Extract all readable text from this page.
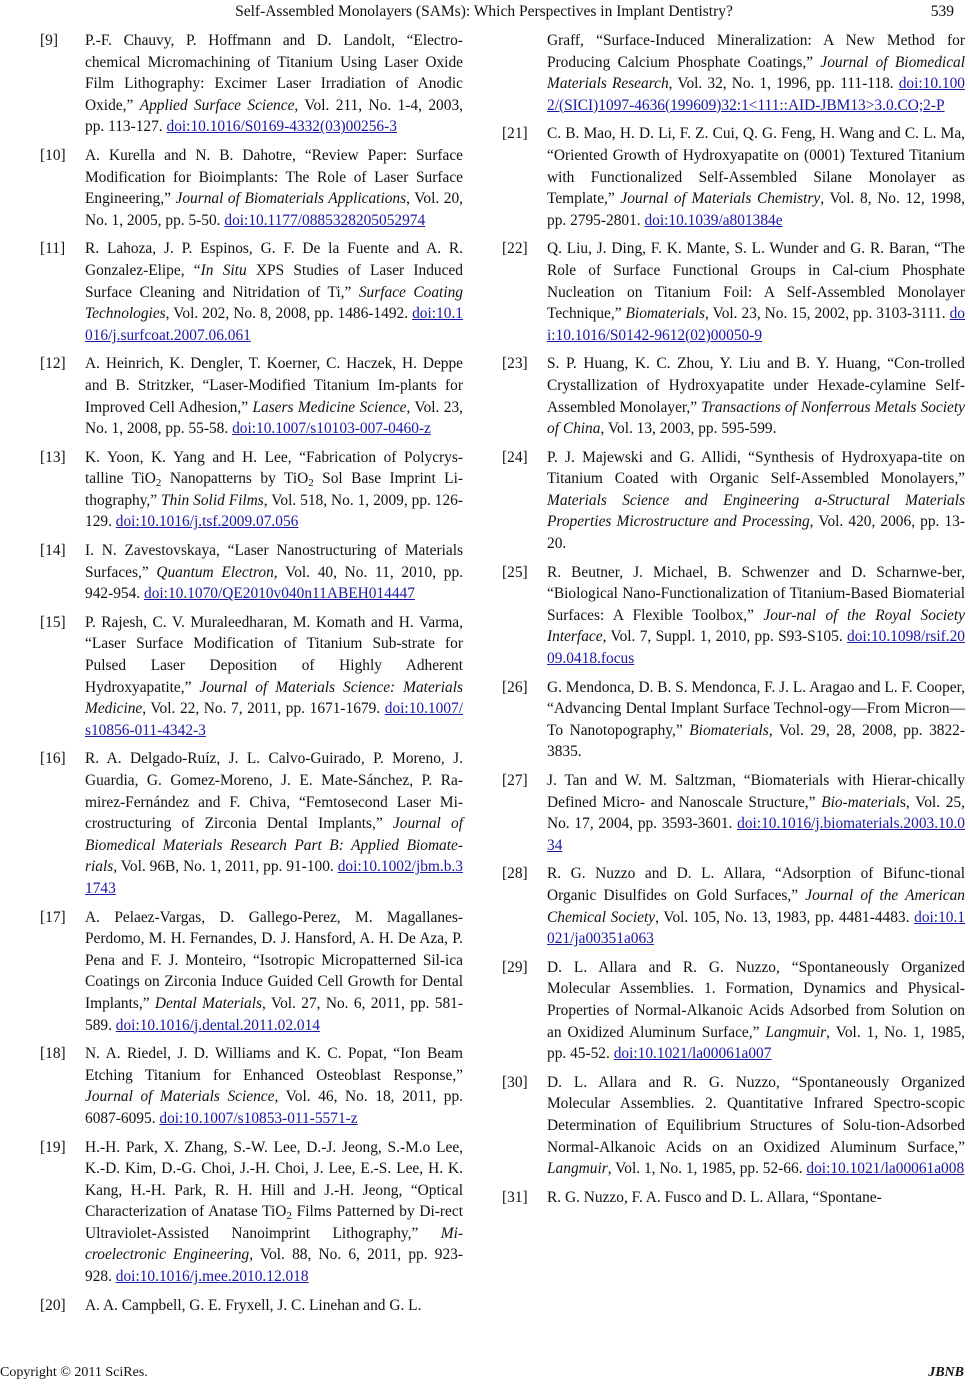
Self-Assembled Monolayers (SAMs): Which Perspectives in Implant Dentistry?	539
[9] P.-F. Chauvy, P. Hoffmann and D. Landolt, “Electro-chemical Micromachining of Titanium Using Laser Oxide Film Lithography: Excimer Laser Irradiation of Anodic Oxide,” Applied Surface Science, Vol. 211, No. 1-4, 2003, pp. 113-127. doi:10.1016/S0169-4332(03)00256-3
[10] A. Kurella and N. B. Dahotre, “Review Paper: Surface Modification for Bioimplants: The Role of Laser Surface Engineering,” Journal of Biomaterials Applications, Vol. 20, No. 1, 2005, pp. 5-50. doi:10.1177/0885328205052974
[11] R. Lahoza, J. P. Espinos, G. F. De la Fuente and A. R. Gonzalez-Elipe, “In Situ XPS Studies of Laser Induced Surface Cleaning and Nitridation of Ti,” Surface Coating Technologies, Vol. 202, No. 8, 2008, pp. 1486-1492. doi:10.1016/j.surfcoat.2007.06.061
[12] A. Heinrich, K. Dengler, T. Koerner, C. Haczek, H. Deppe and B. Stritzker, “Laser-Modified Titanium Im-plants for Improved Cell Adhesion,” Lasers Medicine Science, Vol. 23, No. 1, 2008, pp. 55-58. doi:10.1007/s10103-007-0460-z
[13] K. Yoon, K. Yang and H. Lee, “Fabrication of Polycrys-talline TiO$_2$ Nanopatterns by TiO$_2$ Sol Base Imprint Li-thography,” Thin Solid Films, Vol. 518, No. 1, 2009, pp. 126-129. doi:10.1016/j.tsf.2009.07.056
[14] I. N. Zavestovskaya, “Laser Nanostructuring of Materials Surfaces,” Quantum Electron, Vol. 40, No. 11, 2010, pp. 942-954. doi:10.1070/QE2010v040n11ABEH014447
[15] P. Rajesh, C. V. Muraleedharan, M. Komath and H. Varma, “Laser Surface Modification of Titanium Sub-strate for Pulsed Laser Deposition of Highly Adherent Hydroxyapatite,” Journal of Materials Science: Materials Medicine, Vol. 22, No. 7, 2011, pp. 1671-1679. doi:10.1007/s10856-011-4342-3
[16] R. A. Delgado-Ruíz, J. L. Calvo-Guirado, P. Moreno, J. Guardia, G. Gomez-Moreno, J. E. Mate-Sánchez, P. Ra-mirez-Fernández and F. Chiva, “Femtosecond Laser Mi-crostructuring of Zirconia Dental Implants,” Journal of Biomedical Materials Research Part B: Applied Biomate-rials, Vol. 96B, No. 1, 2011, pp. 91-100. doi:10.1002/jbm.b.31743
[17] A. Pelaez-Vargas, D. Gallego-Perez, M. Magallanes-Perdomo, M. H. Fernandes, D. J. Hansford, A. H. De Aza, P. Pena and F. J. Monteiro, “Isotropic Micropatterned Sil-ica Coatings on Zirconia Induce Guided Cell Growth for Dental Implants,” Dental Materials, Vol. 27, No. 6, 2011, pp. 581-589. doi:10.1016/j.dental.2011.02.014
[18] N. A. Riedel, J. D. Williams and K. C. Popat, “Ion Beam Etching Titanium for Enhanced Osteoblast Response,” Journal of Materials Science, Vol. 46, No. 18, 2011, pp. 6087-6095. doi:10.1007/s10853-011-5571-z
[19] H.-H. Park, X. Zhang, S.-W. Lee, D.-J. Jeong, S.-M.o Lee, K.-D. Kim, D.-G. Choi, J.-H. Choi, J. Lee, E.-S. Lee, H. K. Kang, H.-H. Park, R. H. Hill and J.-H. Jeong, “Optical Characterization of Anatase TiO$_2$ Films Patterned by Di-rect Ultraviolet-Assisted Nanoimprint Lithography,” Mi-croelectronic Engineering, Vol. 88, No. 6, 2011, pp. 923-928. doi:10.1016/j.mee.2010.12.018
[20] A. A. Campbell, G. E. Fryxell, J. C. Linehan and G. L.
Graff, “Surface-Induced Mineralization: A New Method for Producing Calcium Phosphate Coatings,” Journal of Biomedical Materials Research, Vol. 32, No. 1, 1996, pp. 111-118. doi:10.1002/(SICI)1097-4636(199609)32:1<111::AID-JBM13>3.0.CO;2-P
[21] C. B. Mao, H. D. Li, F. Z. Cui, Q. G. Feng, H. Wang and C. L. Ma, “Oriented Growth of Hydroxyapatite on (0001) Textured Titanium with Functionalized Self-Assembled Silane Monolayer as Template,” Journal of Materials Chemistry, Vol. 8, No. 12, 1998, pp. 2795-2801. doi:10.1039/a801384e
[22] Q. Liu, J. Ding, F. K. Mante, S. L. Wunder and G. R. Baran, “The Role of Surface Functional Groups in Cal-cium Phosphate Nucleation on Titanium Foil: A Self-Assembled Monolayer Technique,” Biomaterials, Vol. 23, No. 15, 2002, pp. 3103-3111. doi:10.1016/S0142-9612(02)00050-9
[23] S. P. Huang, K. C. Zhou, Y. Liu and B. Y. Huang, “Con-trolled Crystallization of Hydroxyapatite under Hexade-cylamine Self-Assembled Monolayer,” Transactions of Nonferrous Metals Society of China, Vol. 13, 2003, pp. 595-599.
[24] P. J. Majewski and G. Allidi, “Synthesis of Hydroxyapa-tite on Titanium Coated with Organic Self-Assembled Monolayers,” Materials Science and Engineering a-Structural Materials Properties Microstructure and Processing, Vol. 420, 2006, pp. 13-20.
[25] R. Beutner, J. Michael, B. Schwenzer and D. Scharnwe-ber, “Biological Nano-Functionalization of Titanium-Based Biomaterial Surfaces: A Flexible Toolbox,” Jour-nal of the Royal Society Interface, Vol. 7, Suppl. 1, 2010, pp. S93-S105. doi:10.1098/rsif.2009.0418.focus
[26] G. Mendonca, D. B. S. Mendonca, F. J. L. Aragao and L. F. Cooper, “Advancing Dental Implant Surface Technol-ogy—From Micron—To Nanotopography,” Biomaterials, Vol. 29, 28, 2008, pp. 3822-3835.
[27] J. Tan and W. M. Saltzman, “Biomaterials with Hierar-chically Defined Micro- and Nanoscale Structure,” Bio-materials, Vol. 25, No. 17, 2004, pp. 3593-3601. doi:10.1016/j.biomaterials.2003.10.034
[28] R. G. Nuzzo and D. L. Allara, “Adsorption of Bifunc-tional Organic Disulfides on Gold Surfaces,” Journal of the American Chemical Society, Vol. 105, No. 13, 1983, pp. 4481-4483. doi:10.1021/ja00351a063
[29] D. L. Allara and R. G. Nuzzo, “Spontaneously Organized Molecular Assemblies. 1. Formation, Dynamics and Physical-Properties of Normal-Alkanoic Acids Adsorbed from Solution on an Oxidized Aluminum Surface,” Langmuir, Vol. 1, No. 1, 1985, pp. 45-52. doi:10.1021/la00061a007
[30] D. L. Allara and R. G. Nuzzo, “Spontaneously Organized Molecular Assemblies. 2. Quantitative Infrared Spectro-scopic Determination of Equilibrium Structures of Solu-tion-Adsorbed Normal-Alkanoic Acids on an Oxidized Aluminum Surface,” Langmuir, Vol. 1, No. 1, 1985, pp. 52-66. doi:10.1021/la00061a008
[31] R. G. Nuzzo, F. A. Fusco and D. L. Allara, “Spontane-
Copyright © 2011 SciRes.	JBNB
